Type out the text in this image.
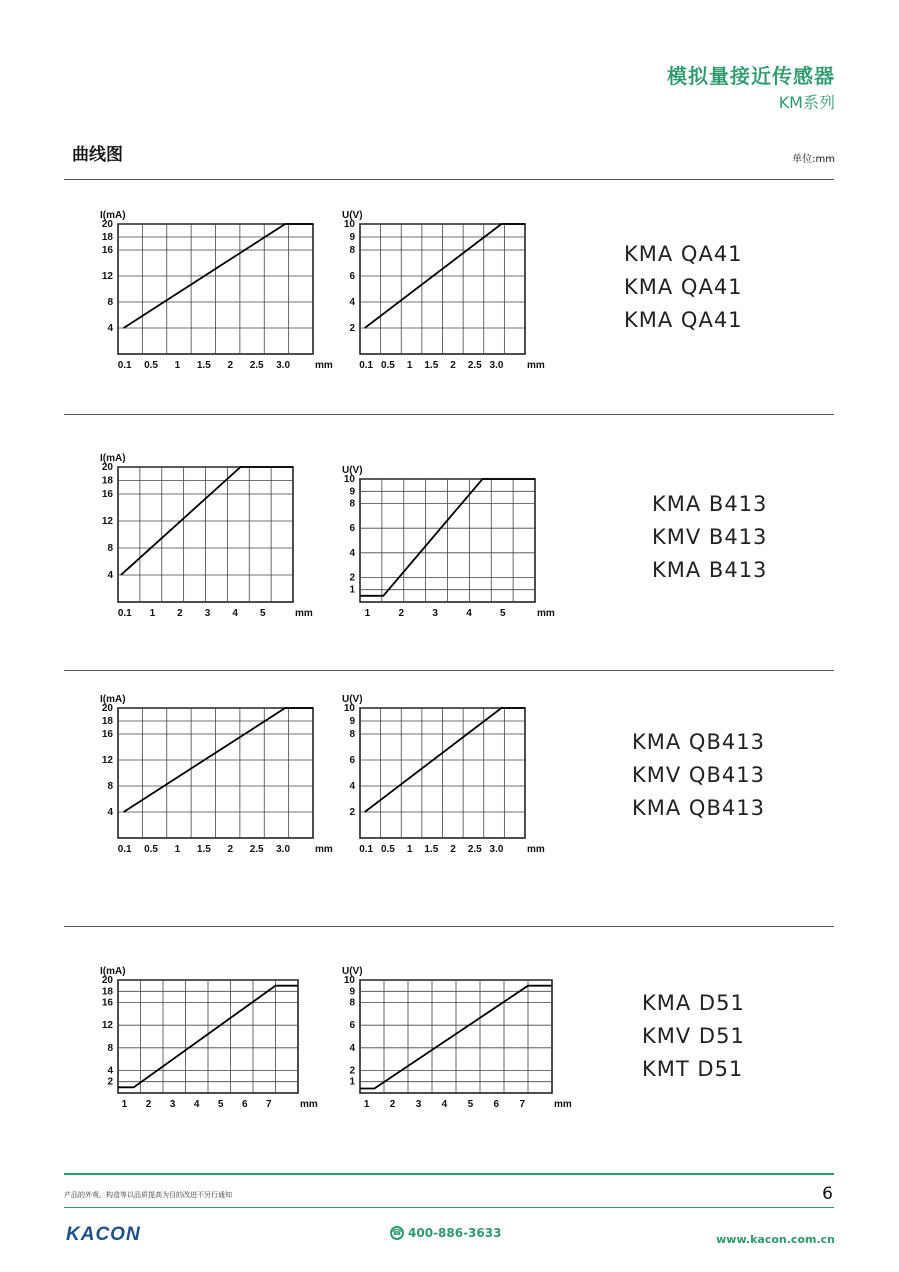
模拟量接近传感器
KM系列
曲线图	单位:mm
4
8
12
16
18
20
I(mA)
0.1 0.5 1 1.5 2 2.5 3.0 mm
2
4
6
8
9
10
U(V)
0.1 0.5 1 1.5 2 2.5 3.0 mm
4
8
12
16
18
20
I(mA)
0.1 1 2 3 4 5	mm
1
2
4
6
8
9
10
U(V)
1	2	3	4	5	mm
4
8
12
16
18
20
I(mA)
0.1 0.5 1 1.5 2 2.5 3.0 mm
2
4
6
8
9
10
U(V)
0.1 0.5 1 1.5 2 2.5 3.0 mm
2
4
8
12
16
18
20
I(mA)
1 2 3 4 5 6 7	mm
1
2
4
6
8
9
10
U(V)
1 2 3 4 5 6 7	mm
KMA QA41
KMA QA41
KMA QA41
KMA B413
KMV B413
KMA B413
KMA QB413
KMV QB413
KMA QB413
KMA D51
KMV D51
KMT D51
产品的外观、构造等以品质提高为目的改进不另行通知	6
KACON	☎ 400-886-3633	www.kacon.com.cn
